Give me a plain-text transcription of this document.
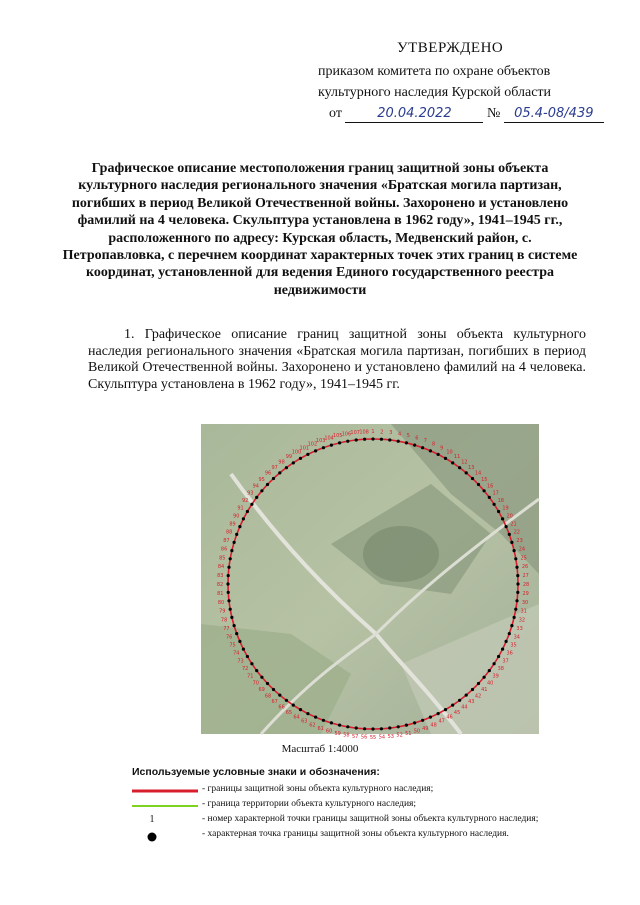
УТВЕРЖДЕНО
приказом комитета по охране объектов
культурного наследия Курской области
от	20.04.2022	№ 05.4-08/439
Графическое описание местоположения границ защитной зоны объекта культурного наследия регионального значения «Братская могила партизан, погибших в период Великой Отечественной войны. Захоронено и установлено фамилий на 4 человека. Скульптура установлена в 1962 году», 1941–1945 гг., расположенного по адресу: Курская область, Медвенский район, с. Петропавловка, с перечнем координат характерных точек этих границ в системе координат, установленной для ведения Единого государственного реестра недвижимости
1. Графическое описание границ защитной зоны объекта культурного наследия регионального значения «Братская могила партизан, погибших в период Великой Отечественной войны. Захоронено и установлено фамилий на 4 человека. Скульптура установлена в 1962 году», 1941–1945 гг.
1 2 3 4 5 6 7
8
9
10
11
12
13
14
15
16
17
18
19
20
21
22
23
24
25
26
27
28
29
30
31
32
33
34
35
36
37
38
39
40
41
42
43
44
45
46
47
48
49
50
51
52
53
54
55
56
57
58
59
60
61
62
63
64
65
66
67
68
69
70
71
72
73
74
75
76
77
78
79
80
81
82
83
84
85
86
87
88
89
90
91
92
93
94
95
96
97
98
99
100
101
102
103
104 105 106 107 108
Масштаб 1:4000
Используемые условные знаки и обозначения:
- границы защитной зоны объекта культурного наследия;
- граница территории объекта культурного наследия;
1	- номер характерной точки границы защитной зоны объекта культурного наследия;
- характерная точка границы защитной зоны объекта культурного наследия.
